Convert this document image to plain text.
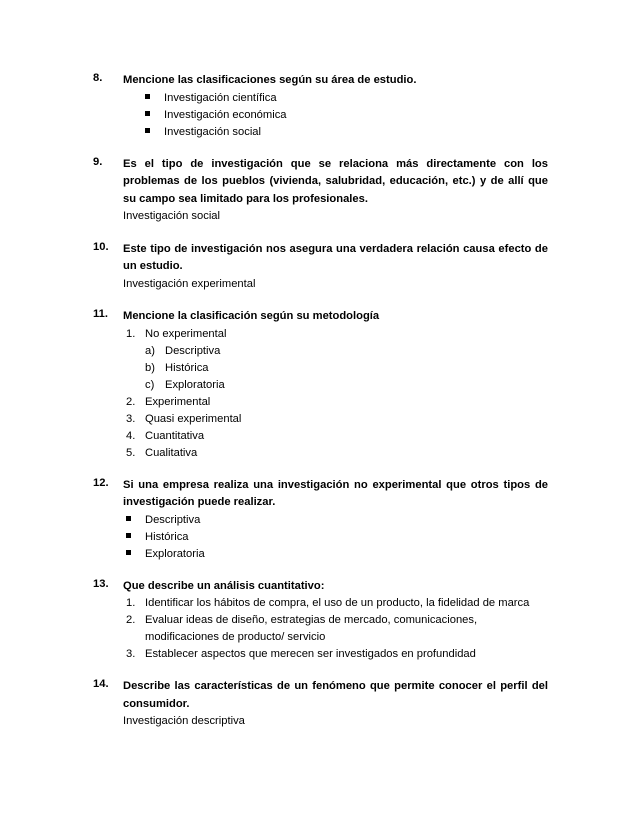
8.	Mencione las clasificaciones según su área de estudio.
Investigación científica
Investigación económica
Investigación social
9.	Es el tipo de investigación que se relaciona más directamente con los problemas de los pueblos (vivienda, salubridad, educación, etc.) y de allí que su campo sea limitado para los profesionales.
Investigación social
10.	Este tipo de investigación nos asegura una verdadera relación causa efecto de un estudio.
Investigación experimental
11.	Mencione la clasificación según su metodología
1. No experimental
a) Descriptiva
b) Histórica
c) Exploratoria
2. Experimental
3. Quasi experimental
4. Cuantitativa
5. Cualitativa
12.	Si una empresa realiza una investigación no experimental que otros tipos de investigación puede realizar.
Descriptiva
Histórica
Exploratoria
13.	Que describe un análisis cuantitativo:
1. Identificar los hábitos de compra, el uso de un producto, la fidelidad de marca
2. Evaluar ideas de diseño, estrategias de mercado, comunicaciones, modificaciones de producto/ servicio
3. Establecer aspectos que merecen ser investigados en profundidad
14.	Describe las características de un fenómeno que permite conocer el perfil del consumidor.
Investigación descriptiva
